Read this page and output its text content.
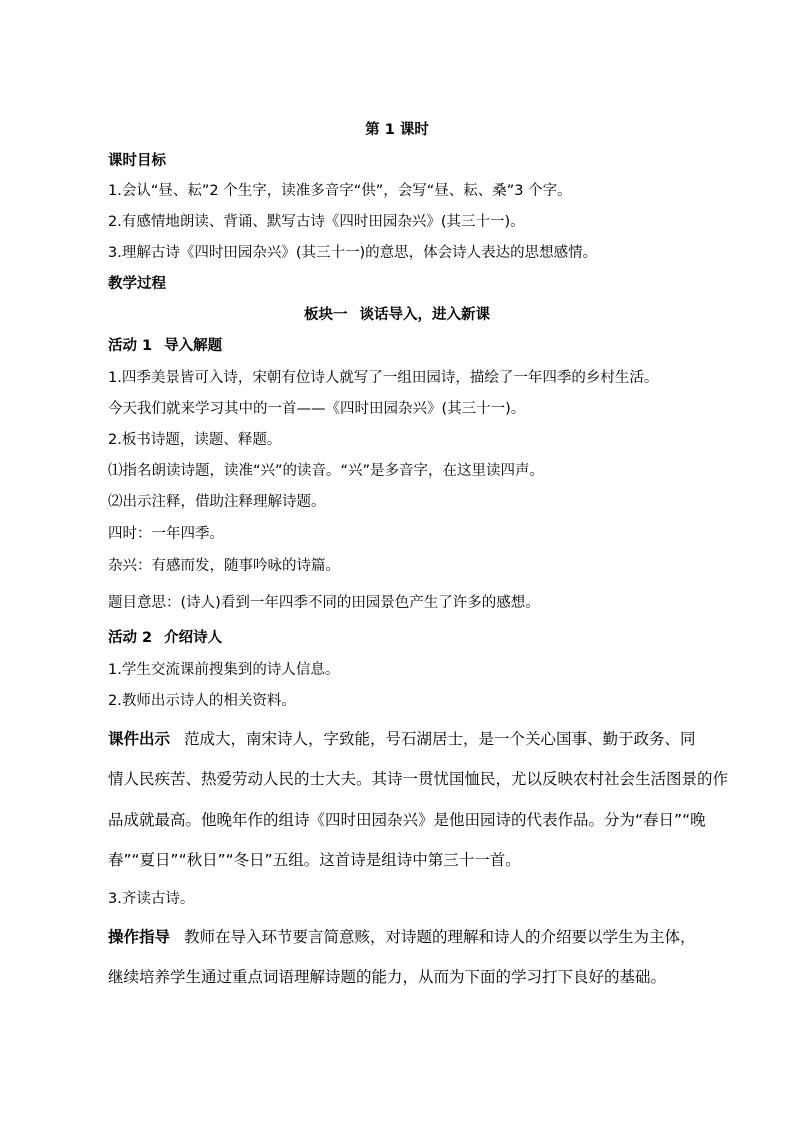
第 1 课时
课时目标
1.会认“昼、耘”2 个生字，读准多音字“供”，会写“昼、耘、桑”3 个字。
2.有感情地朗读、背诵、默写古诗《四时田园杂兴》(其三十一)。
3.理解古诗《四时田园杂兴》(其三十一)的意思，体会诗人表达的思想感情。
教学过程
板块一 谈话导入，进入新课
活动 1 导入解题
1.四季美景皆可入诗，宋朝有位诗人就写了一组田园诗，描绘了一年四季的乡村生活。
今天我们就来学习其中的一首——《四时田园杂兴》(其三十一)。
2.板书诗题，读题、释题。
⑴指名朗读诗题，读准“兴”的读音。“兴”是多音字，在这里读四声。
⑵出示注释，借助注释理解诗题。
四时：一年四季。
杂兴：有感而发，随事吟咏的诗篇。
题目意思：(诗人)看到一年四季不同的田园景色产生了许多的感想。
活动 2 介绍诗人
1.学生交流课前搜集到的诗人信息。
2.教师出示诗人的相关资料。
课件出示 范成大，南宋诗人，字致能，号石湖居士，是一个关心国事、勤于政务、同
情人民疾苦、热爱劳动人民的士大夫。其诗一贯忧国恤民，尤以反映农村社会生活图景的作
品成就最高。他晚年作的组诗《四时田园杂兴》是他田园诗的代表作品。分为“春日”“晚
春”“夏日”“秋日”“冬日”五组。这首诗是组诗中第三十一首。
3.齐读古诗。
操作指导 教师在导入环节要言简意赅，对诗题的理解和诗人的介绍要以学生为主体，
继续培养学生通过重点词语理解诗题的能力，从而为下面的学习打下良好的基础。
